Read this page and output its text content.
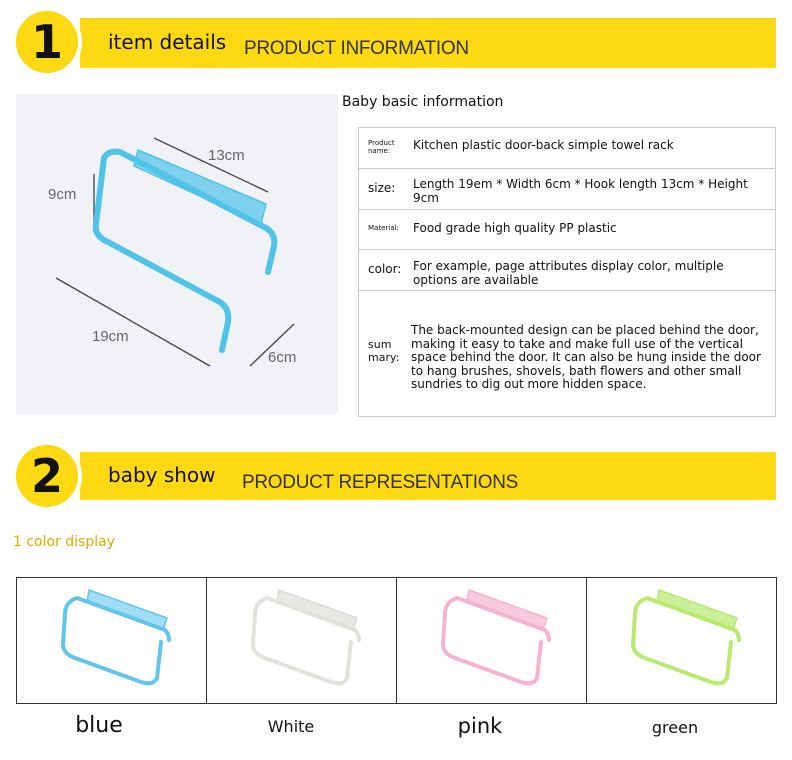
1 item details PRODUCT INFORMATION
13cm
9cm
19cm
6cm
Baby basic information
Product name:	Kitchen plastic door-back simple towel rack
size: Length 19em * Width 6cm * Hook length 13cm * Height 9cm
Material: Food grade high quality PP plastic
color: For example, page attributes display color, multiple options are available
sum mary:
The back-mounted design can be placed behind the door, making it easy to take and make full use of the vertical space behind the door. It can also be hung inside the door to hang brushes, shovels, bath flowers and other small sundries to dig out more hidden space.
2 baby show PRODUCT REPRESENTATIONS
1 color display
blue	White	pink	green
